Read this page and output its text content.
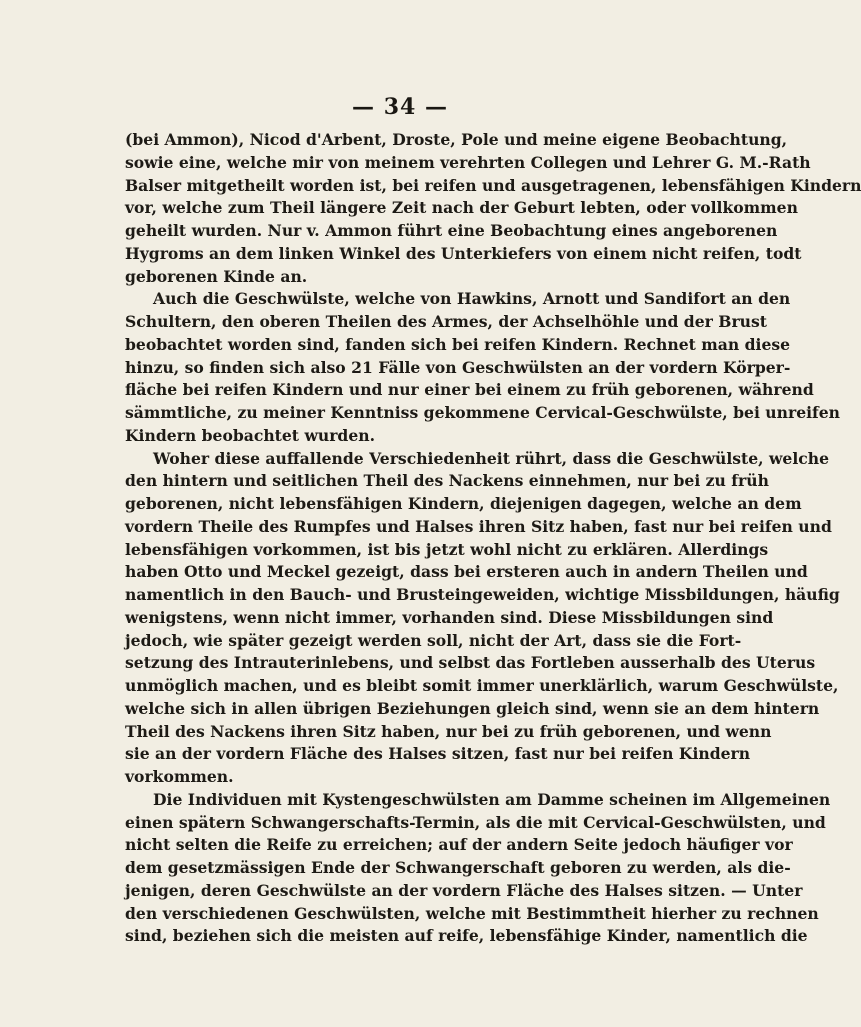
— 34 —
(bei Ammon), Nicod d'Arbent, Droste, Pole und meine eigene Beobachtung,
sowie eine, welche mir von meinem verehrten Collegen und Lehrer G. M.-Rath
Balser mitgetheilt worden ist, bei reifen und ausgetragenen, lebensfähigen Kindern
vor, welche zum Theil längere Zeit nach der Geburt lebten, oder vollkommen
geheilt wurden. Nur v. Ammon führt eine Beobachtung eines angeborenen
Hygroms an dem linken Winkel des Unterkiefers von einem nicht reifen, todt
geborenen Kinde an.
Auch die Geschwülste, welche von Hawkins, Arnott und Sandifort an den
Schultern, den oberen Theilen des Armes, der Achselhöhle und der Brust
beobachtet worden sind, fanden sich bei reifen Kindern. Rechnet man diese
hinzu, so finden sich also 21 Fälle von Geschwülsten an der vordern Körper-
fläche bei reifen Kindern und nur einer bei einem zu früh geborenen, während
sämmtliche, zu meiner Kenntniss gekommene Cervical-Geschwülste, bei unreifen
Kindern beobachtet wurden.
Woher diese auffallende Verschiedenheit rührt, dass die Geschwülste, welche
den hintern und seitlichen Theil des Nackens einnehmen, nur bei zu früh
geborenen, nicht lebensfähigen Kindern, diejenigen dagegen, welche an dem
vordern Theile des Rumpfes und Halses ihren Sitz haben, fast nur bei reifen und
lebensfähigen vorkommen, ist bis jetzt wohl nicht zu erklären. Allerdings
haben Otto und Meckel gezeigt, dass bei ersteren auch in andern Theilen und
namentlich in den Bauch- und Brusteingeweiden, wichtige Missbildungen, häufig
wenigstens, wenn nicht immer, vorhanden sind. Diese Missbildungen sind
jedoch, wie später gezeigt werden soll, nicht der Art, dass sie die Fort-
setzung des Intrauterinlebens, und selbst das Fortleben ausserhalb des Uterus
unmöglich machen, und es bleibt somit immer unerklärlich, warum Geschwülste,
welche sich in allen übrigen Beziehungen gleich sind, wenn sie an dem hintern
Theil des Nackens ihren Sitz haben, nur bei zu früh geborenen, und wenn
sie an der vordern Fläche des Halses sitzen, fast nur bei reifen Kindern
vorkommen.
Die Individuen mit Kystengeschwülsten am Damme scheinen im Allgemeinen
einen spätern Schwangerschafts-Termin, als die mit Cervical-Geschwülsten, und
nicht selten die Reife zu erreichen; auf der andern Seite jedoch häufiger vor
dem gesetzmässigen Ende der Schwangerschaft geboren zu werden, als die-
jenigen, deren Geschwülste an der vordern Fläche des Halses sitzen. — Unter
den verschiedenen Geschwülsten, welche mit Bestimmtheit hierher zu rechnen
sind, beziehen sich die meisten auf reife, lebensfähige Kinder, namentlich die
